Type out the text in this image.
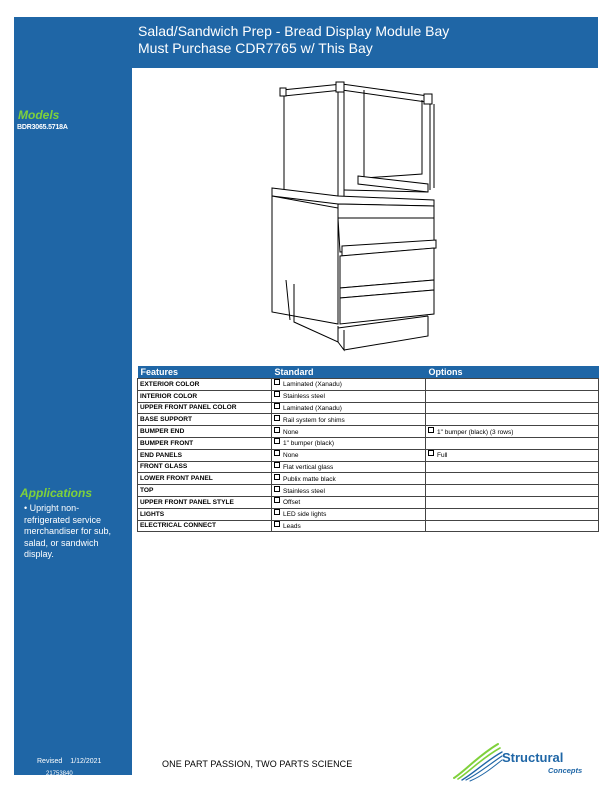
Salad/Sandwich Prep - Bread Display Module Bay
Must Purchase CDR7765 w/ This Bay
Models
BDR3065.5718A
Applications
• Upright non-refrigerated service merchandiser for sub, salad, or sandwich display.
Revised 1/12/2021
21753840
Features	Standard	Options
EXTERIOR COLOR	Laminated (Xanadu)	
INTERIOR COLOR	Stainless steel	
UPPER FRONT PANEL COLOR	Laminated (Xanadu)	
BASE SUPPORT	Rail system for shims	
BUMPER END	None	1" bumper (black) (3 rows)
BUMPER FRONT	1" bumper (black)	
END PANELS	None	Full
FRONT GLASS	Flat vertical glass	
LOWER FRONT PANEL	Publix matte black	
TOP	Stainless steel	
UPPER FRONT PANEL STYLE	Offset	
LIGHTS	LED side lights	
ELECTRICAL CONNECT	Leads	
ONE PART PASSION, TWO PARTS SCIENCE	Structural
Concepts
